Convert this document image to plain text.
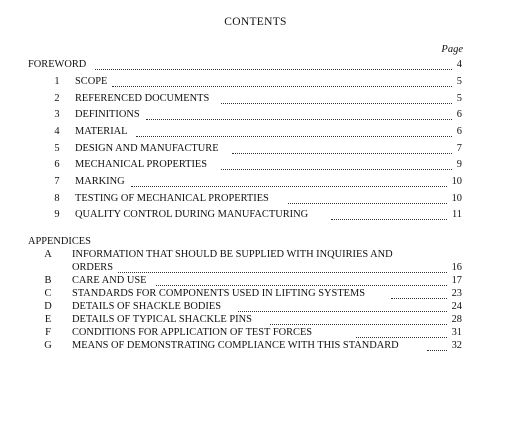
CONTENTS
Page
FOREWORD	4
1	SCOPE	5
2	REFERENCED DOCUMENTS	5
3	DEFINITIONS	6
4	MATERIAL	6
5	DESIGN AND MANUFACTURE	7
6	MECHANICAL PROPERTIES	9
7	MARKING	10
8	TESTING OF MECHANICAL PROPERTIES	10
9	QUALITY CONTROL DURING MANUFACTURING	11
APPENDICES
A	INFORMATION THAT SHOULD BE SUPPLIED WITH INQUIRIES AND
ORDERS	16
B	CARE AND USE	17
C	STANDARDS FOR COMPONENTS USED IN LIFTING SYSTEMS	23
D	DETAILS OF SHACKLE BODIES	24
E	DETAILS OF TYPICAL SHACKLE PINS	28
F	CONDITIONS FOR APPLICATION OF TEST FORCES	31
G	MEANS OF DEMONSTRATING COMPLIANCE WITH THIS STANDARD	32
